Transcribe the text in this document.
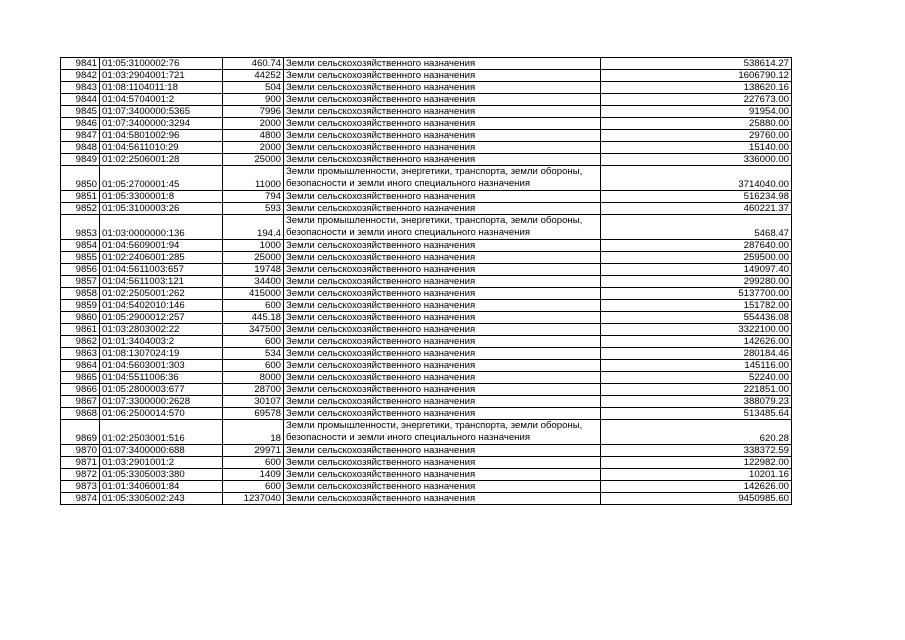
9841	01:05:3100002:76	460.74	Земли сельскохозяйственного назначения	538614.27
9842	01:03:2904001:721	44252	Земли сельскохозяйственного назначения	1606790.12
9843	01:08:1104011:18	504	Земли сельскохозяйственного назначения	138620.16
9844	01:04:5704001:2	900	Земли сельскохозяйственного назначения	227673.00
9845	01:07:3400000:5365	7996	Земли сельскохозяйственного назначения	91954.00
9846	01:07:3400000:3294	2000	Земли сельскохозяйственного назначения	25880.00
9847	01:04:5801002:96	4800	Земли сельскохозяйственного назначения	29760.00
9848	01:04:5611010:29	2000	Земли сельскохозяйственного назначения	15140.00
9849	01:02:2506001:28	25000	Земли сельскохозяйственного назначения	336000.00
9850	01:05:2700001:45	11000	Земли промышленности, энергетики, транспорта, земли обороны, безопасности и земли иного специального назначения	3714040.00
9851	01:05:3300001:8	794	Земли сельскохозяйственного назначения	516234.98
9852	01:05:3100003:26	593	Земли сельскохозяйственного назначения	460221.37
9853	01:03:0000000:136	194.4	Земли промышленности, энергетики, транспорта, земли обороны, безопасности и земли иного специального назначения	5468.47
9854	01:04:5609001:94	1000	Земли сельскохозяйственного назначения	287640.00
9855	01:02:2406001:285	25000	Земли сельскохозяйственного назначения	259500.00
9856	01:04:5611003:657	19748	Земли сельскохозяйственного назначения	149097.40
9857	01:04:5611003:121	34400	Земли сельскохозяйственного назначения	299280.00
9858	01:02:2505001:262	415000	Земли сельскохозяйственного назначения	5137700.00
9859	01:04:5402010:146	600	Земли сельскохозяйственного назначения	151782.00
9860	01:05:2900012:257	445.18	Земли сельскохозяйственного назначения	554436.08
9861	01:03:2803002:22	347500	Земли сельскохозяйственного назначения	3322100.00
9862	01:01:3404003:2	600	Земли сельскохозяйственного назначения	142626.00
9863	01:08:1307024:19	534	Земли сельскохозяйственного назначения	280184.46
9864	01:04:5603001:303	600	Земли сельскохозяйственного назначения	145116.00
9865	01:04:5511006:36	8000	Земли сельскохозяйственного назначения	52240.00
9866	01:05:2800003:677	28700	Земли сельскохозяйственного назначения	221851.00
9867	01:07:3300000:2628	30107	Земли сельскохозяйственного назначения	388079.23
9868	01:06:2500014:570	69578	Земли сельскохозяйственного назначения	513485.64
9869	01:02:2503001:516	18	Земли промышленности, энергетики, транспорта, земли обороны, безопасности и земли иного специального назначения	620.28
9870	01:07:3400000:688	29971	Земли сельскохозяйственного назначения	338372.59
9871	01:03:2901001:2	600	Земли сельскохозяйственного назначения	122982.00
9872	01:05:3305003:380	1409	Земли сельскохозяйственного назначения	10201.16
9873	01:01:3406001:84	600	Земли сельскохозяйственного назначения	142626.00
9874	01:05:3305002:243	1237040	Земли сельскохозяйственного назначения	9450985.60
